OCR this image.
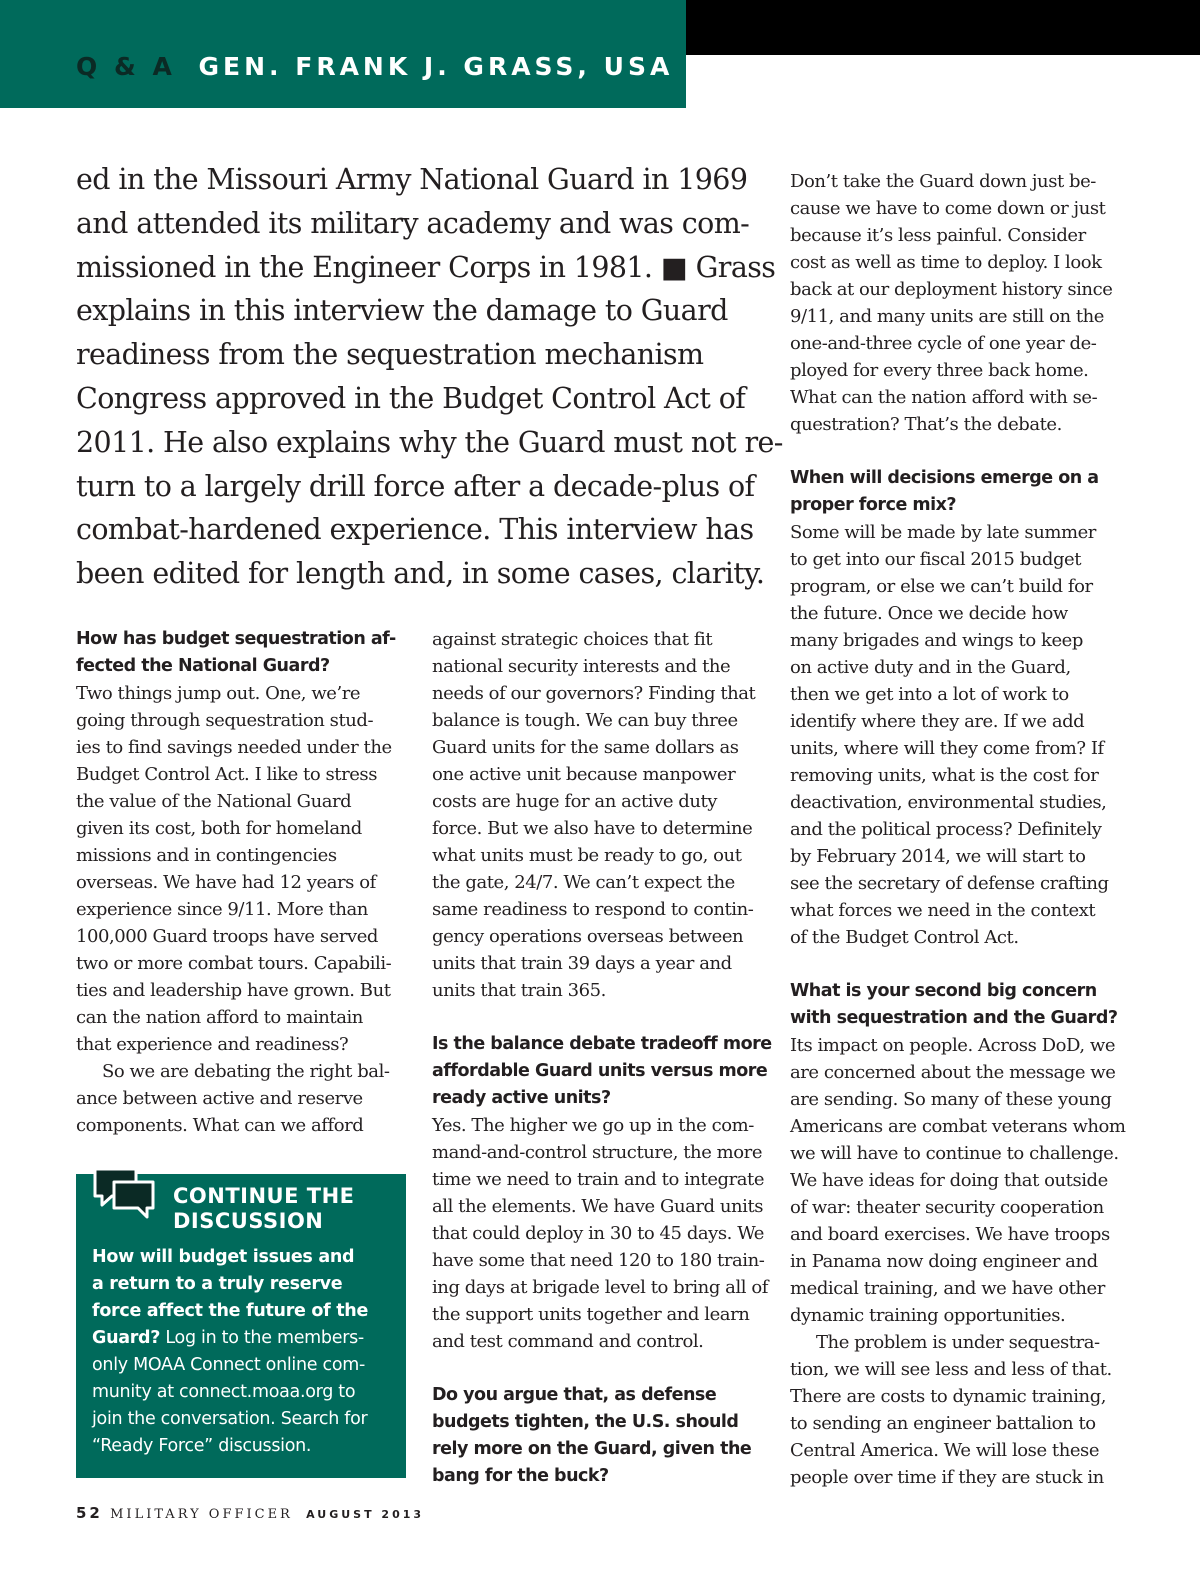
Q & A GEN. FRANK J. GRASS, USA
ed in the Missouri Army National Guard in 1969
and attended its military academy and was com-
missioned in the Engineer Corps in 1981. ■ Grass
explains in this interview the damage to Guard
readiness from the sequestration mechanism
Congress approved in the Budget Control Act of
2011. He also explains why the Guard must not re-
turn to a largely drill force after a decade-plus of
combat-hardened experience. This interview has
been edited for length and, in some cases, clarity.
How has budget sequestration af-
fected the National Guard?
Two things jump out. One, we’re
going through sequestration stud-
ies to find savings needed under the
Budget Control Act. I like to stress
the value of the National Guard
given its cost, both for homeland
missions and in contingencies
overseas. We have had 12 years of
experience since 9/11. More than
100,000 Guard troops have served
two or more combat tours. Capabili-
ties and leadership have grown. But
can the nation afford to maintain
that experience and readiness?
So we are debating the right bal-
ance between active and reserve
components. What can we afford
against strategic choices that fit
national security interests and the
needs of our governors? Finding that
balance is tough. We can buy three
Guard units for the same dollars as
one active unit because manpower
costs are huge for an active duty
force. But we also have to determine
what units must be ready to go, out
the gate, 24/7. We can’t expect the
same readiness to respond to contin-
gency operations overseas between
units that train 39 days a year and
units that train 365.
Is the balance debate tradeoff more
affordable Guard units versus more
ready active units?
Yes. The higher we go up in the com-
mand-and-control structure, the more
time we need to train and to integrate
all the elements. We have Guard units
that could deploy in 30 to 45 days. We
have some that need 120 to 180 train-
ing days at brigade level to bring all of
the support units together and learn
and test command and control.
Do you argue that, as defense
budgets tighten, the U.S. should
rely more on the Guard, given the
bang for the buck?
Don’t take the Guard down just be-
cause we have to come down or just
because it’s less painful. Consider
cost as well as time to deploy. I look
back at our deployment history since
9/11, and many units are still on the
one-and-three cycle of one year de-
ployed for every three back home.
What can the nation afford with se-
questration? That’s the debate.
When will decisions emerge on a
proper force mix?
Some will be made by late summer
to get into our fiscal 2015 budget
program, or else we can’t build for
the future. Once we decide how
many brigades and wings to keep
on active duty and in the Guard,
then we get into a lot of work to
identify where they are. If we add
units, where will they come from? If
removing units, what is the cost for
deactivation, environmental studies,
and the political process? Definitely
by February 2014, we will start to
see the secretary of defense crafting
what forces we need in the context
of the Budget Control Act.
What is your second big concern
with sequestration and the Guard?
Its impact on people. Across DoD, we
are concerned about the message we
are sending. So many of these young
Americans are combat veterans whom
we will have to continue to challenge.
We have ideas for doing that outside
of war: theater security cooperation
and board exercises. We have troops
in Panama now doing engineer and
medical training, and we have other
dynamic training opportunities.
The problem is under sequestra-
tion, we will see less and less of that.
There are costs to dynamic training,
to sending an engineer battalion to
Central America. We will lose these
people over time if they are stuck in
CONTINUE THE
DISCUSSION
How will budget issues and
a return to a truly reserve
force affect the future of the
Guard? Log in to the members-
only MOAA Connect online com-
munity at connect.moaa.org to
join the conversation. Search for
“Ready Force” discussion.
52 MILITARY OFFICER AUGUST 2013
